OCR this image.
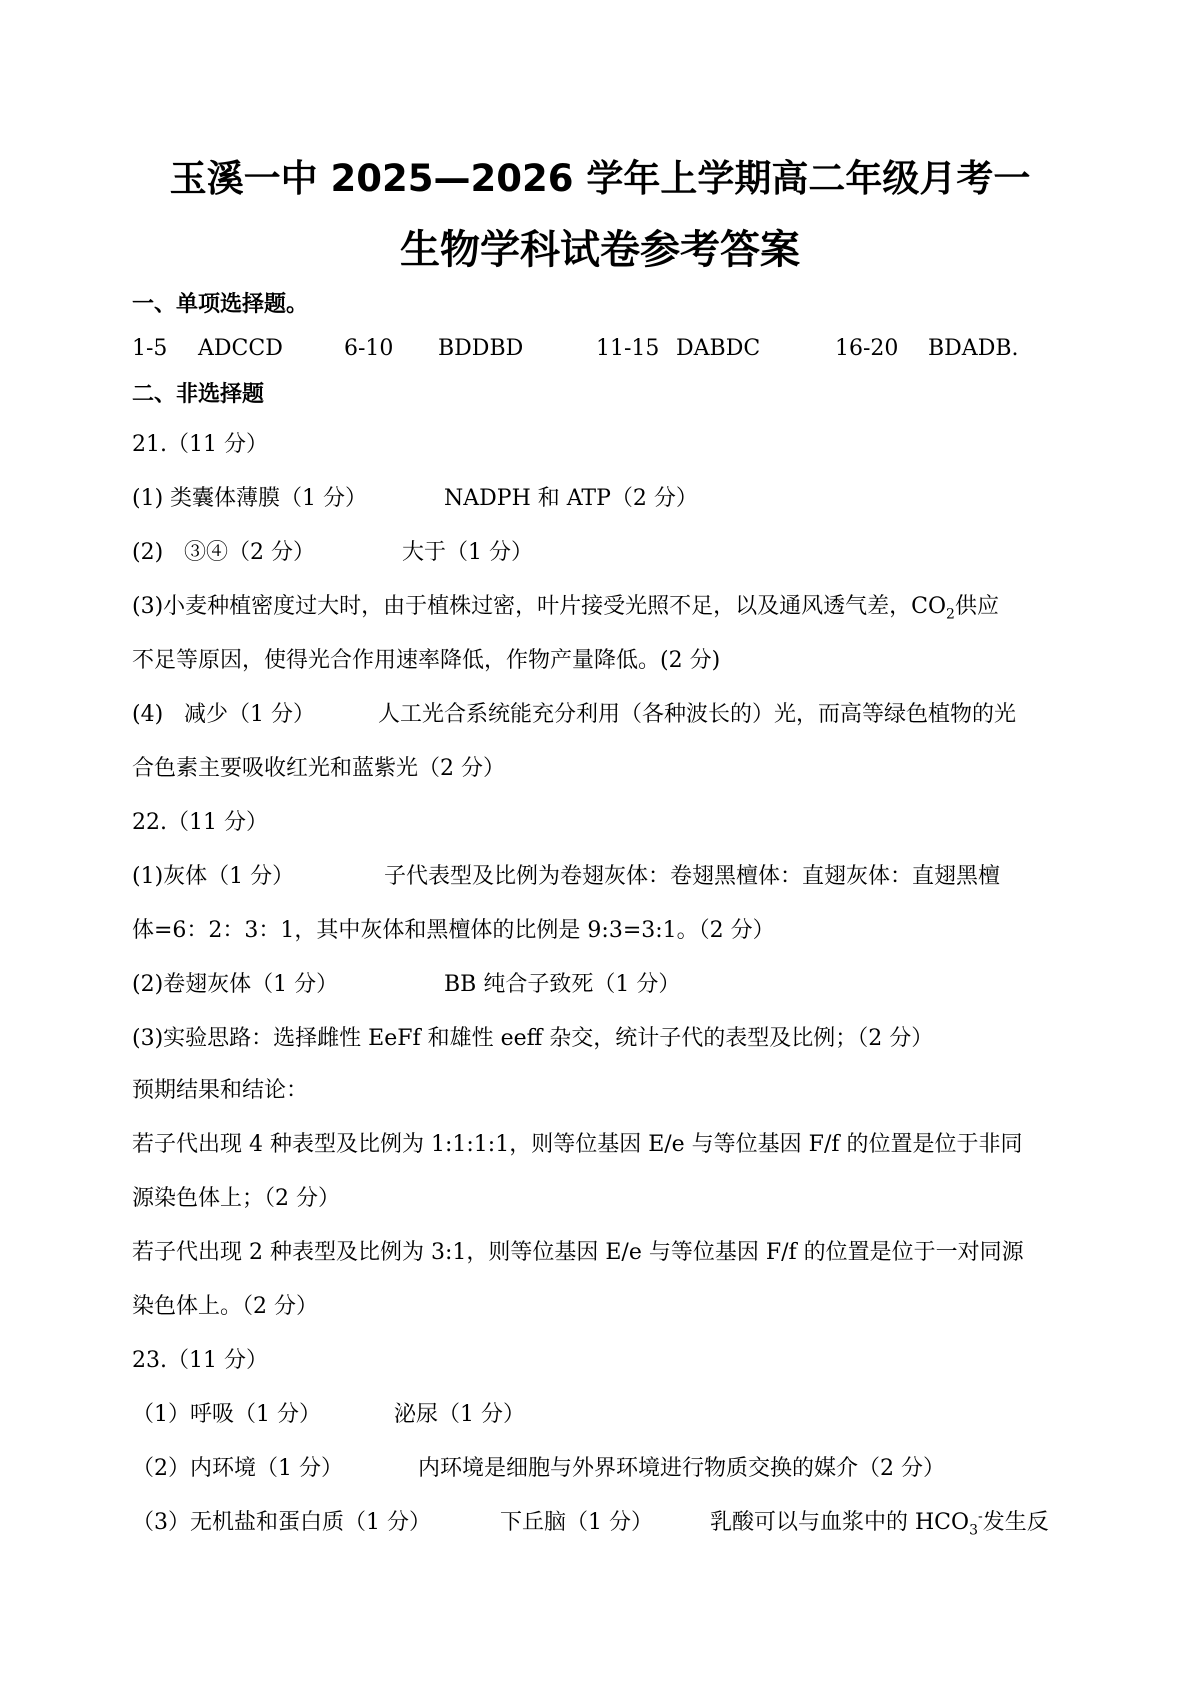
玉溪一中 2025—2026 学年上学期高二年级月考一
生物学科试卷参考答案
一、单项选择题。
1-5 ADCCD	6-10 BDDBD	11-15 DABDC	16-20 BDADB.
二、非选择题
21.（11 分）
(1) 类囊体薄膜（1 分）	NADPH 和 ATP（2 分）
(2) ③④（2 分）	大于（1 分）
(3)小麦种植密度过大时，由于植株过密，叶片接受光照不足，以及通风透气差，$CO_2$供应
不足等原因，使得光合作用速率降低，作物产量降低。(2 分)
(4) 减少（1 分）	人工光合系统能充分利用（各种波长的）光，而高等绿色植物的光
合色素主要吸收红光和蓝紫光（2 分）
22.（11 分）
(1)灰体（1 分）	子代表型及比例为卷翅灰体：卷翅黑檀体：直翅灰体：直翅黑檀
体=6：2：3：1，其中灰体和黑檀体的比例是 9:3=3:1。（2 分）
(2)卷翅灰体（1 分）	BB 纯合子致死（1 分）
(3)实验思路：选择雌性 EeFf 和雄性 eeff 杂交，统计子代的表型及比例；（2 分）
预期结果和结论：
若子代出现 4 种表型及比例为 1:1:1:1，则等位基因 E/e 与等位基因 F/f 的位置是位于非同
源染色体上；（2 分）
若子代出现 2 种表型及比例为 3:1，则等位基因 E/e 与等位基因 F/f 的位置是位于一对同源
染色体上。（2 分）
23.（11 分）
（1）呼吸（1 分）	泌尿（1 分）
（2）内环境（1 分）	内环境是细胞与外界环境进行物质交换的媒介（2 分）
（3）无机盐和蛋白质（1 分）	下丘脑（1 分）	乳酸可以与血浆中的 $HCO_3^-$发生反
